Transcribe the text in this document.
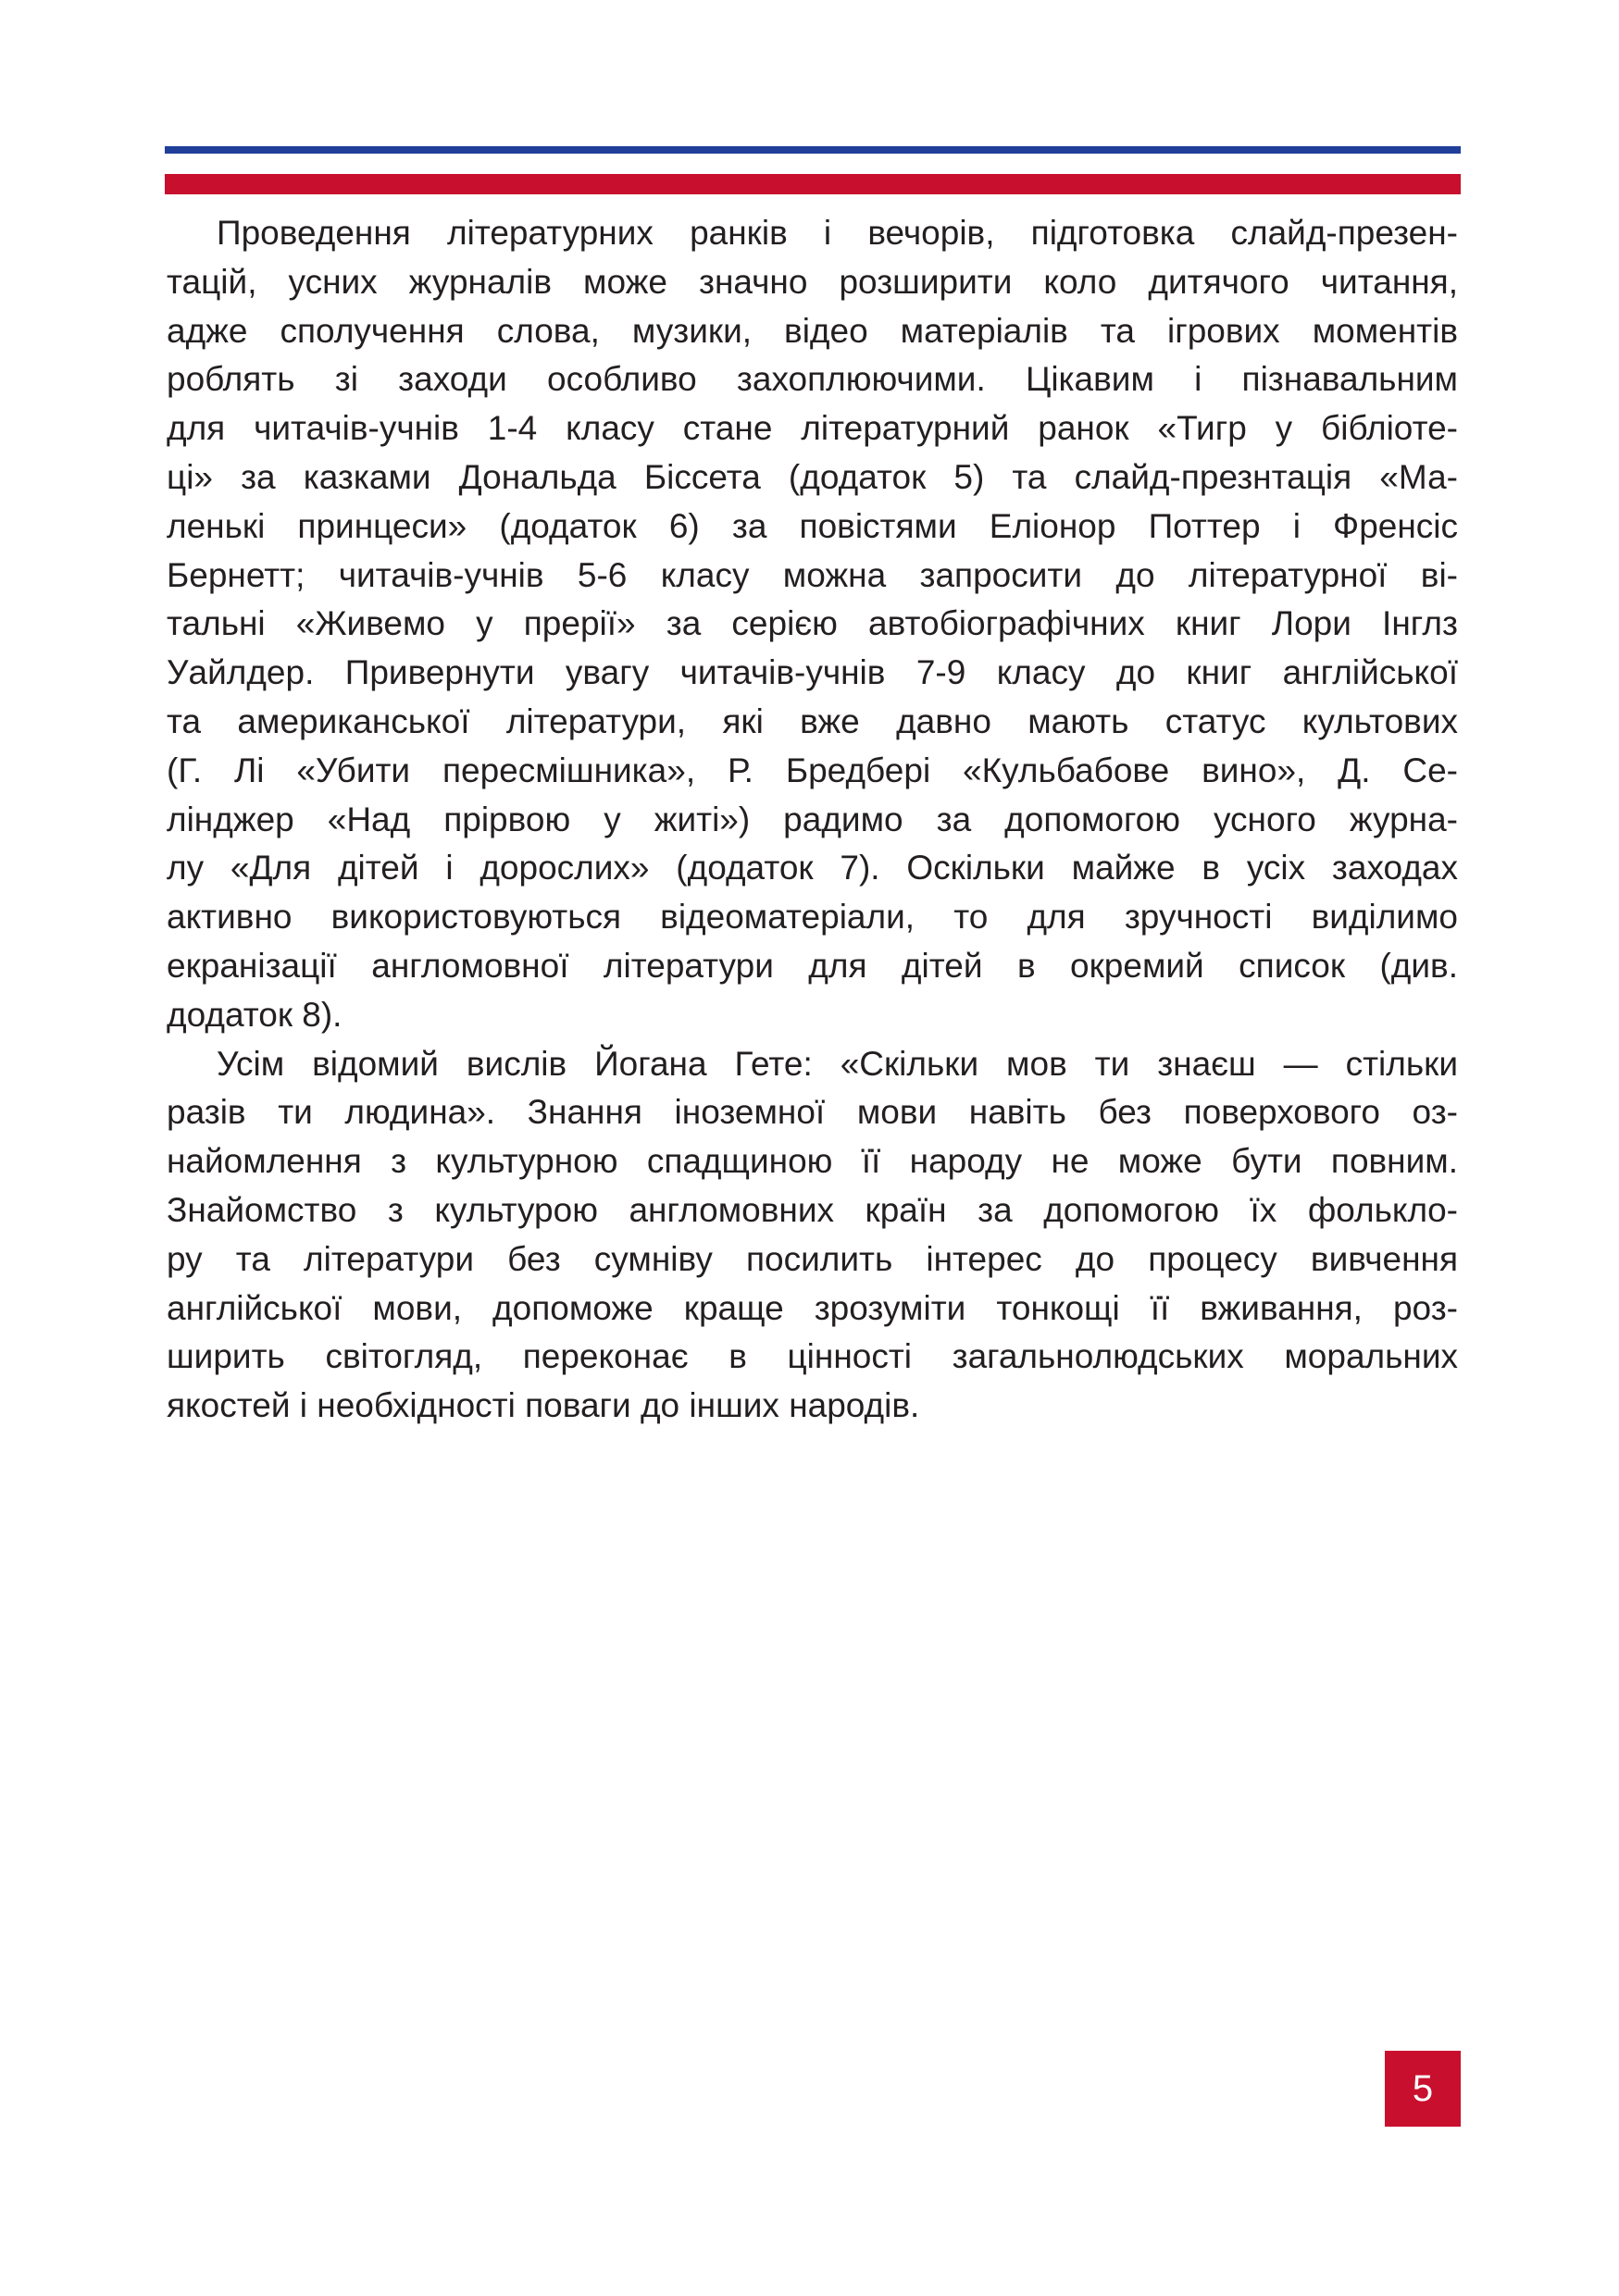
Проведення літературних ранків і вечорів, підготовка слайд-презен-
тацій, усних журналів може значно розширити коло дитячого читання,
адже сполучення слова, музики, відео матеріалів та ігрових моментів
роблять зі заходи особливо захоплюючими. Цікавим і пізнавальним
для читачів-учнів 1-4 класу стане літературний ранок «Тигр у бібліоте-
ці» за казками Дональда Біссета (додаток 5) та слайд-презнтація «Ма-
ленькі принцеси» (додаток 6) за повістями Еліонор Поттер і Френсіс
Бернетт; читачів-учнів 5-6 класу можна запросити до літературної ві-
тальні «Живемо у прерії» за серією автобіографічних книг Лори Інглз
Уайлдер. Привернути увагу читачів-учнів 7-9 класу до книг англійської
та американської літератури, які вже давно мають статус культових
(Г. Лі «Убити пересмішника», Р. Бредбері «Кульбабове вино», Д. Се-
лінджер «Над прірвою у житі») радимо за допомогою усного журна-
лу «Для дітей і дорослих» (додаток 7). Оскільки майже в усіх заходах
активно використовуються відеоматеріали, то для зручності виділимо
екранізації англомовної літератури для дітей в окремий список (див.
додаток 8).

Усім відомий вислів Йогана Гете: «Скільки мов ти знаєш — стільки
разів ти людина». Знання іноземної мови навіть без поверхового оз-
найомлення з культурною спадщиною її народу не може бути повним.
Знайомство з культурою англомовних країн за допомогою їх фольклo-
ру та літератури без сумніву посилить інтерес до процесу вивчення
англійської мови, допоможе краще зрозуміти тонкощі її вживання, роз-
ширить світогляд, переконає в цінності загальнолюдських моральних
якостей і необхідності поваги до інших народів.

5
